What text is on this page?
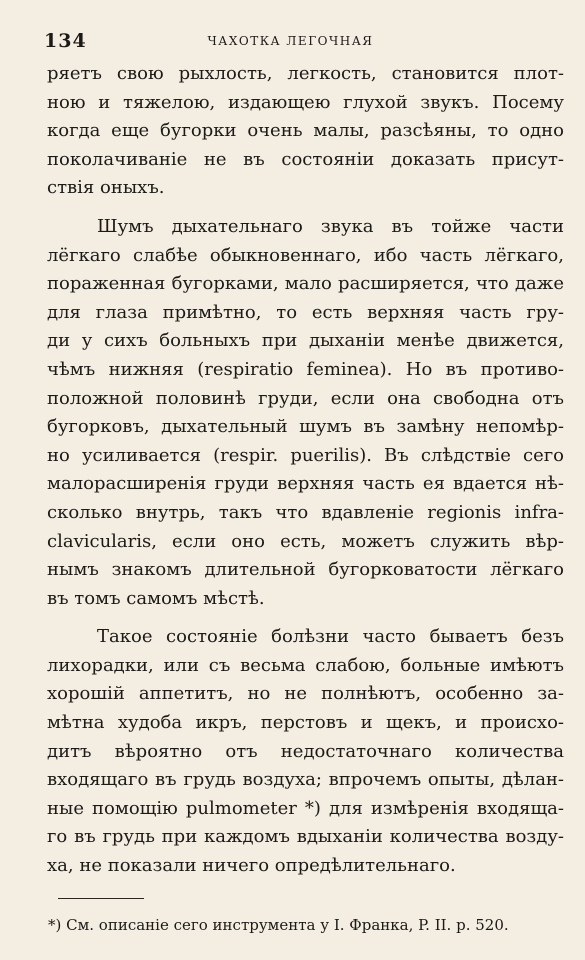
134	ЧАХОТКА ЛЕГОЧНАЯ
ряетъ свою рыхлость, легкость, становится плот-
ною и тяжелою, издающею глухой звукъ. Посему
когда еще бугорки очень малы, разсѣяны, то одно
поколачиваніе не въ состояніи доказать присут-
ствія оныхъ.
Шумъ дыхательнаго звука въ тойже части
лёгкаго слабѣе обыкновеннаго, ибо часть лёгкаго,
пораженная бугорками, мало расширяется, что даже
для глаза примѣтно, то есть верхняя часть гру-
ди у сихъ больныхъ при дыханіи менѣе движется,
чѣмъ нижняя (respiratio feminea). Но въ противо-
положной половинѣ груди, если она свободна отъ
бугорковъ, дыхательный шумъ въ замѣну непомѣр-
но усиливается (respir. puerilis). Въ слѣдствіе сего
малорасширенія груди верхняя часть ея вдается нѣ-
сколько внутрь, такъ что вдавленіе regionis infra-
clavicularis, если оно есть, можетъ служить вѣр-
нымъ знакомъ длительной бугорковатости лёгкаго
въ томъ самомъ мѣстѣ.
Такое состояніе болѣзни часто бываетъ безъ
лихорадки, или съ весьма слабою, больные имѣютъ
хорошій аппетитъ, но не полнѣютъ, особенно за-
мѣтна худоба икръ, перстовъ и щекъ, и происхо-
дитъ вѣроятно отъ недостаточнаго количества
входящаго въ грудь воздуха; впрочемъ опыты, дѣлан-
ные помощію pulmometer *) для измѣренія входяща-
го въ грудь при каждомъ вдыханіи количества возду-
ха, не показали ничего опредѣлительнаго.
*) См. описаніе сего инструмента у І. Франка, P. II. p. 520.
